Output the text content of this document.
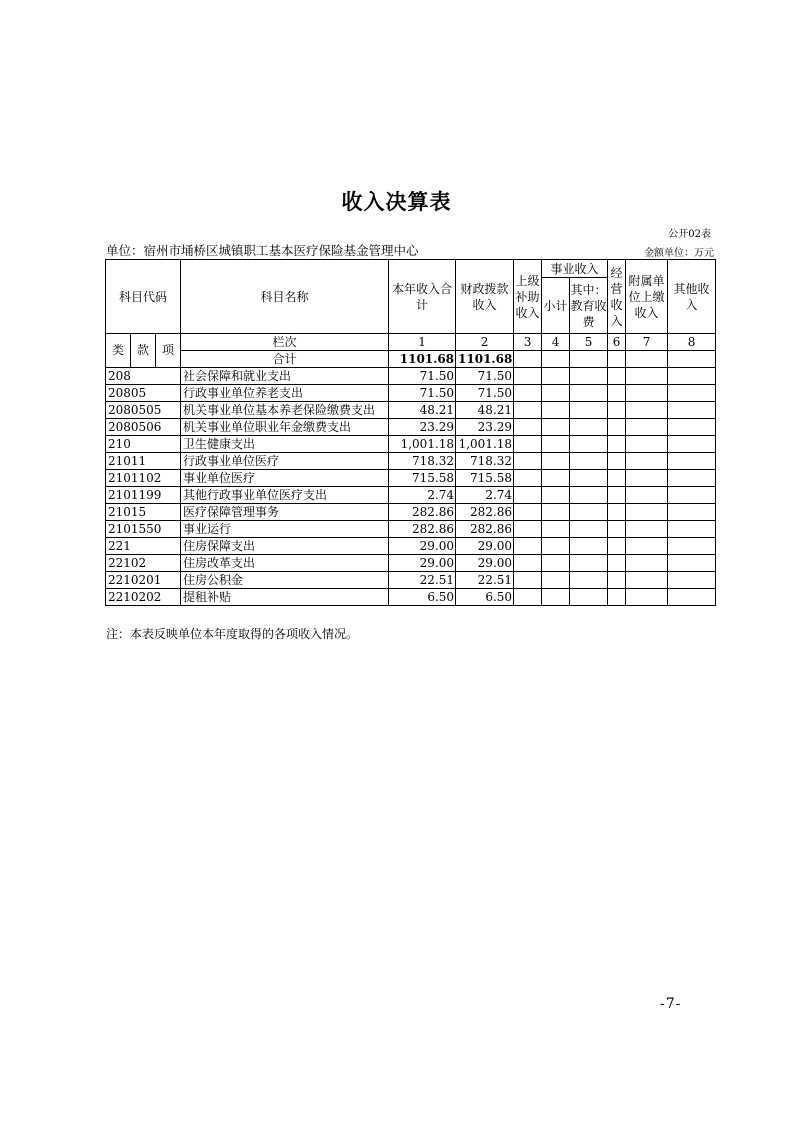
收入决算表
公开02表
单位：宿州市埇桥区城镇职工基本医疗保险基金管理中心	金额单位：万元
科目代码			科目名称	本年收入合计	财政拨款收入	上级补助收入	事业收入		经营收入	附属单位上缴收入	其他收入
							小计	其中：教育收费			
类	款	项	栏次	1	2	3	4	5	6	7	8
			合计	1101.68	1101.68						
208			社会保障和就业支出	71.50	71.50						
20805			行政事业单位养老支出	71.50	71.50						
2080505			机关事业单位基本养老保险缴费支出	48.21	48.21						
2080506			机关事业单位职业年金缴费支出	23.29	23.29						
210			卫生健康支出	1,001.18	1,001.18						
21011			行政事业单位医疗	718.32	718.32						
2101102			事业单位医疗	715.58	715.58						
2101199			其他行政事业单位医疗支出	2.74	2.74						
21015			医疗保障管理事务	282.86	282.86						
2101550			事业运行	282.86	282.86						
221			住房保障支出	29.00	29.00						
22102			住房改革支出	29.00	29.00						
2210201			住房公积金	22.51	22.51						
2210202			提租补贴	6.50	6.50						
注：本表反映单位本年度取得的各项收入情况。
-7-
